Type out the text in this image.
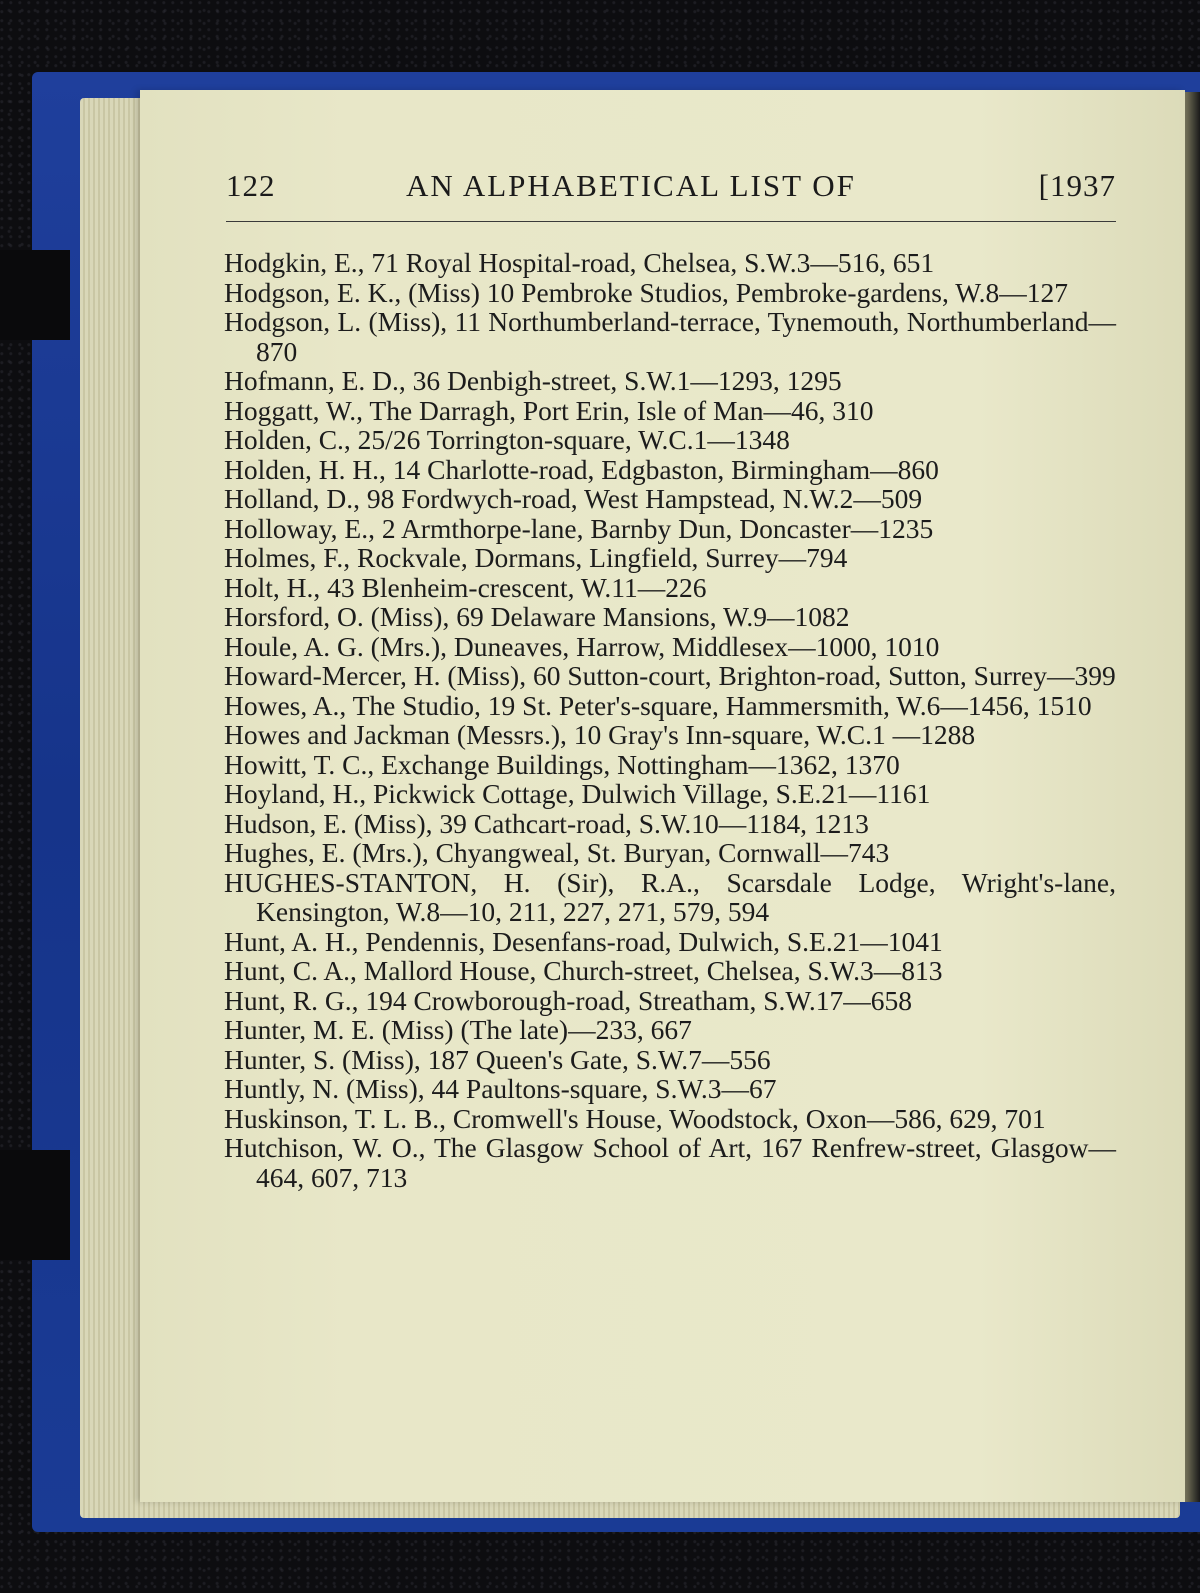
122	AN ALPHABETICAL LIST OF	[1937
Hodgkin, E., 71 Royal Hospital-road, Chelsea, S.W.3—516, 651
Hodgson, E. K., (Miss) 10 Pembroke Studios, Pembroke-gardens, W.8—127
Hodgson, L. (Miss), 11 Northumberland-terrace, Tynemouth, Northumberland—870
Hofmann, E. D., 36 Denbigh-street, S.W.1—1293, 1295
Hoggatt, W., The Darragh, Port Erin, Isle of Man—46, 310
Holden, C., 25/26 Torrington-square, W.C.1—1348
Holden, H. H., 14 Charlotte-road, Edgbaston, Birmingham—860
Holland, D., 98 Fordwych-road, West Hampstead, N.W.2—509
Holloway, E., 2 Armthorpe-lane, Barnby Dun, Doncaster—1235
Holmes, F., Rockvale, Dormans, Lingfield, Surrey—794
Holt, H., 43 Blenheim-crescent, W.11—226
Horsford, O. (Miss), 69 Delaware Mansions, W.9—1082
Houle, A. G. (Mrs.), Duneaves, Harrow, Middlesex—1000, 1010
Howard-Mercer, H. (Miss), 60 Sutton-court, Brighton-road, Sutton, Surrey—399
Howes, A., The Studio, 19 St. Peter's-square, Hammersmith, W.6—1456, 1510
Howes and Jackman (Messrs.), 10 Gray's Inn-square, W.C.1 —1288
Howitt, T. C., Exchange Buildings, Nottingham—1362, 1370
Hoyland, H., Pickwick Cottage, Dulwich Village, S.E.21—1161
Hudson, E. (Miss), 39 Cathcart-road, S.W.10—1184, 1213
Hughes, E. (Mrs.), Chyangweal, St. Buryan, Cornwall—743
HUGHES-STANTON, H. (Sir), R.A., Scarsdale Lodge, Wright's-lane, Kensington, W.8—10, 211, 227, 271, 579, 594
Hunt, A. H., Pendennis, Desenfans-road, Dulwich, S.E.21—1041
Hunt, C. A., Mallord House, Church-street, Chelsea, S.W.3—813
Hunt, R. G., 194 Crowborough-road, Streatham, S.W.17—658
Hunter, M. E. (Miss) (The late)—233, 667
Hunter, S. (Miss), 187 Queen's Gate, S.W.7—556
Huntly, N. (Miss), 44 Paultons-square, S.W.3—67
Huskinson, T. L. B., Cromwell's House, Woodstock, Oxon—586, 629, 701
Hutchison, W. O., The Glasgow School of Art, 167 Renfrew-street, Glasgow—464, 607, 713
